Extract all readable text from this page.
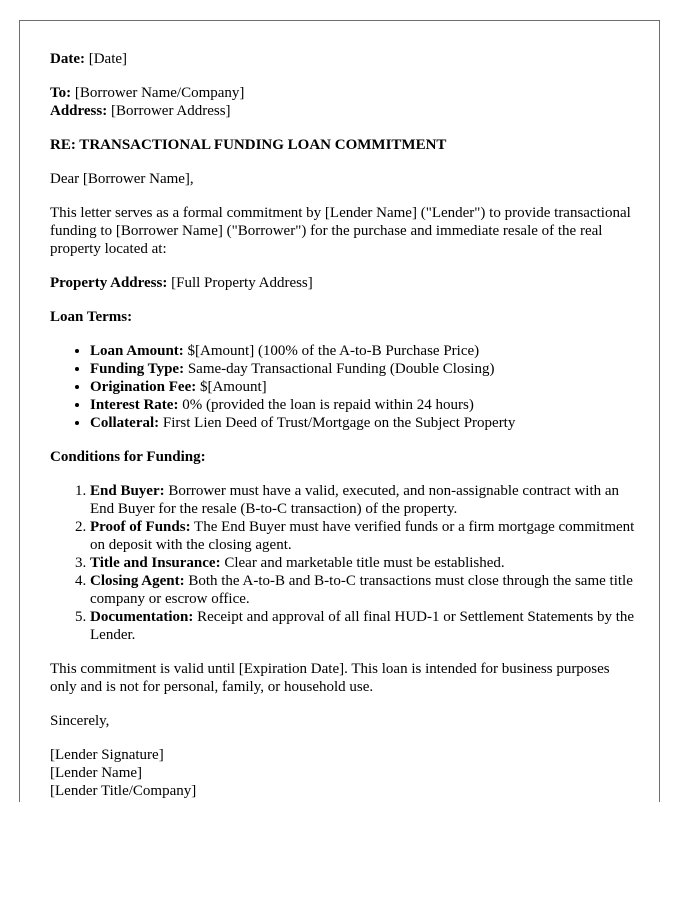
Date: [Date]

To: [Borrower Name/Company]

Address: [Borrower Address]

RE: TRANSACTIONAL FUNDING LOAN COMMITMENT

Dear [Borrower Name],

This letter serves as a formal commitment by [Lender Name] ("Lender") to provide transactional funding to [Borrower Name] ("Borrower") for the purchase and immediate resale of the real property located at:

Property Address: [Full Property Address]

Loan Terms:

• Loan Amount: $[Amount] (100% of the A-to-B Purchase Price)
• Funding Type: Same-day Transactional Funding (Double Closing)
• Origination Fee: $[Amount]
• Interest Rate: 0% (provided the loan is repaid within 24 hours)
• Collateral: First Lien Deed of Trust/Mortgage on the Subject Property

Conditions for Funding:

1. End Buyer: Borrower must have a valid, executed, and non-assignable contract with an End Buyer for the resale (B-to-C transaction) of the property.
2. Proof of Funds: The End Buyer must have verified funds or a firm mortgage commitment on deposit with the closing agent.
3. Title and Insurance: Clear and marketable title must be established.
4. Closing Agent: Both the A-to-B and B-to-C transactions must close through the same title company or escrow office.
5. Documentation: Receipt and approval of all final HUD-1 or Settlement Statements by the Lender.

This commitment is valid until [Expiration Date]. This loan is intended for business purposes only and is not for personal, family, or household use.

Sincerely,

[Lender Signature]
[Lender Name]
[Lender Title/Company]
